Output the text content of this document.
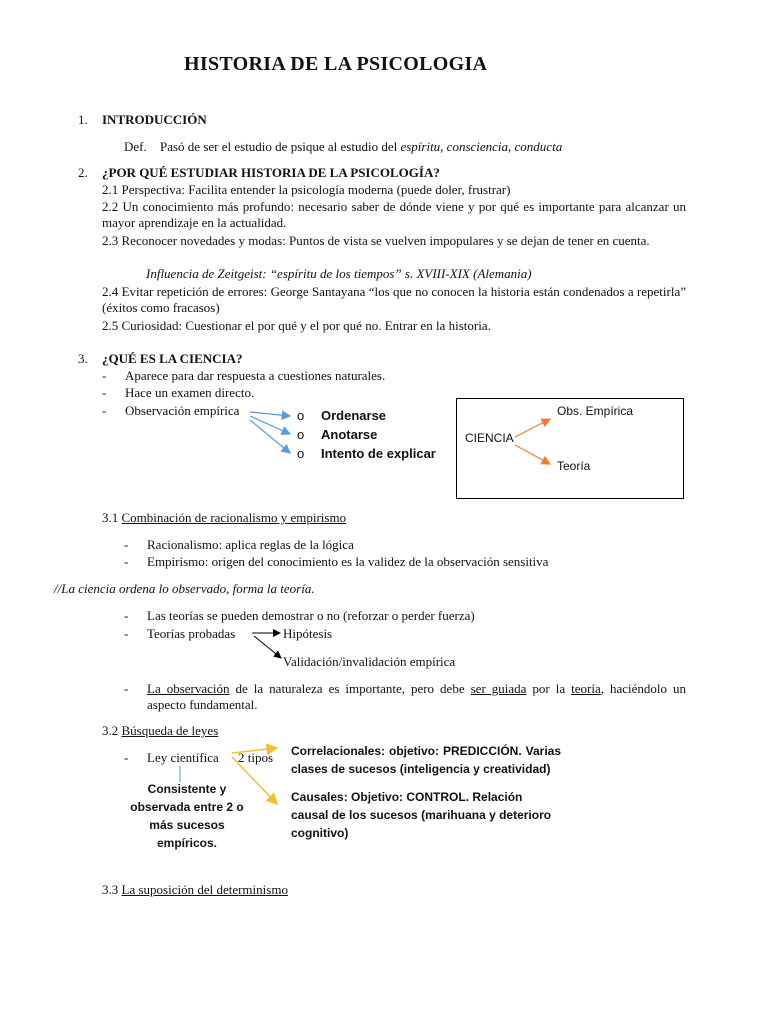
HISTORIA DE LA PSICOLOGIA
1. INTRODUCCIÓN
Def. Pasó de ser el estudio de psique al estudio del espíritu, consciencia, conducta
2. ¿POR QUÉ ESTUDIAR HISTORIA DE LA PSICOLOGÍA?
2.1 Perspectiva: Facilita entender la psicología moderna (puede doler, frustrar)
2.2 Un conocimiento más profundo: necesario saber de dónde viene y por qué es importante para alcanzar un mayor aprendizaje en la actualidad.
2.3 Reconocer novedades y modas: Puntos de vista se vuelven impopulares y se dejan de tener en cuenta.
Influencia de Zeitgeist: “espíritu de los tiempos” s. XVIII-XIX (Alemania)
2.4 Evitar repetición de errores: George Santayana “los que no conocen la historia están condenados a repetirla” (éxitos como fracasos)
2.5 Curiosidad: Cuestionar el por qué y el por qué no. Entrar en la historia.
3. ¿QUÉ ES LA CIENCIA?
- Aparece para dar respuesta a cuestiones naturales.
- Hace un examen directo.
- Observación empírica	o Ordenarse
o Anotarse
o Intento de explicar
CIENCIA
Obs. Empírica
Teoría
3.1 Combinación de racionalismo y empirismo
- Racionalismo: aplica reglas de la lógica
- Empirismo: origen del conocimiento es la validez de la observación sensitiva
//La ciencia ordena lo observado, forma la teoría.
- Las teorías se pueden demostrar o no (reforzar o perder fuerza)
- Teorías probadas	Hipótesis
Validación/invalidación empírica
- La observación de la naturaleza es importante, pero debe ser guiada por la teoría, haciéndolo un aspecto fundamental.
3.2 Búsqueda de leyes
- Ley científica 2 tipos Correlacionales: objetivo: PREDICCIÓN. Varias clases de sucesos (inteligencia y creatividad)
Causales: Objetivo: CONTROL. Relación causal de los sucesos (marihuana y deterioro cognitivo)
Consistente y observada entre 2 o más sucesos empíricos.
3.3 La suposición del determinismo
